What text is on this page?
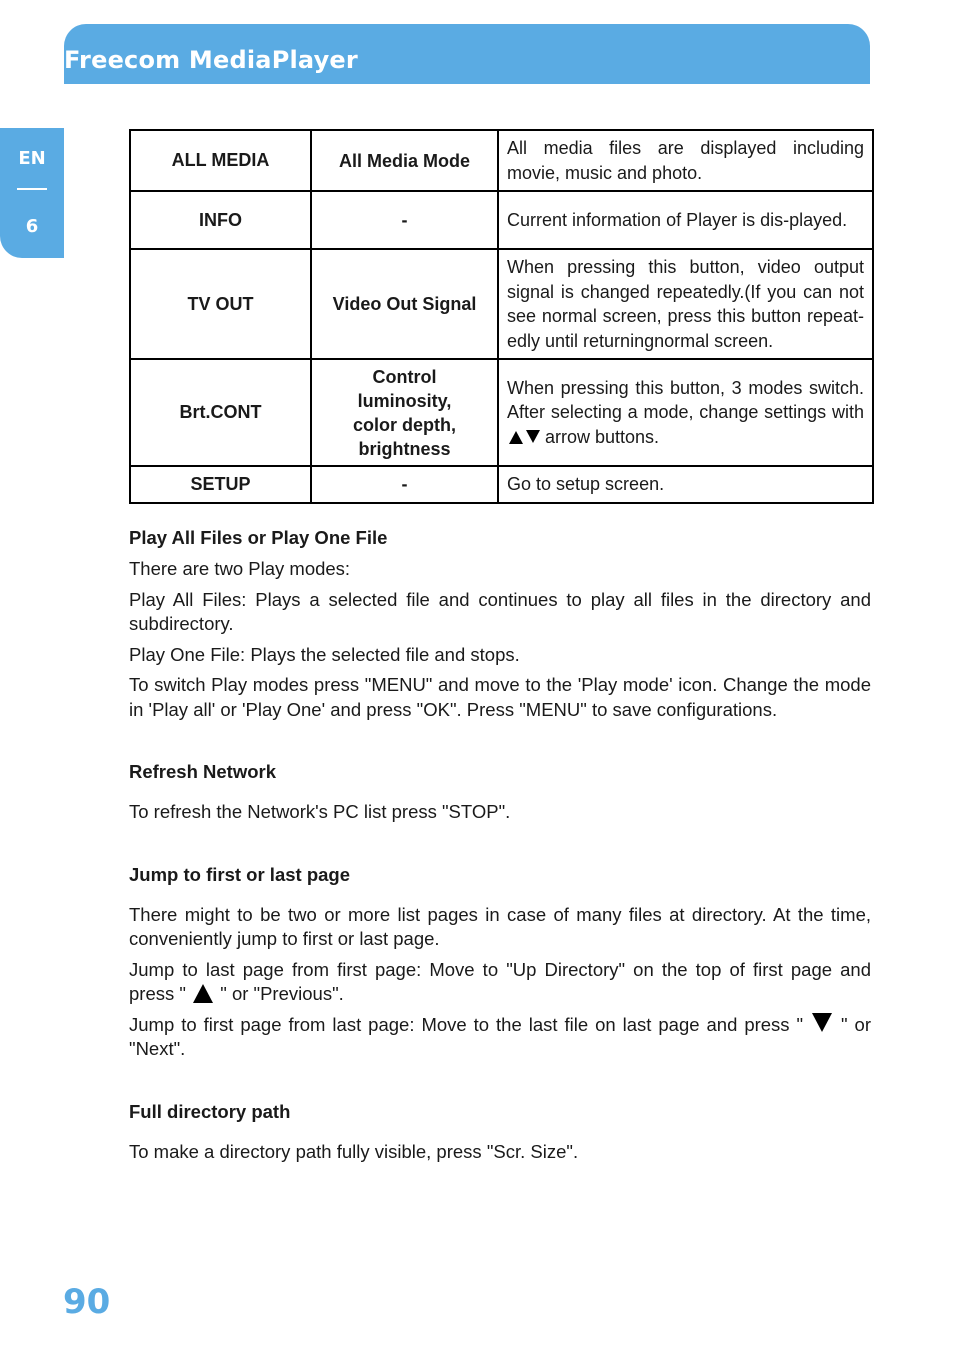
Freecom MediaPlayer
EN
6
ALL MEDIA	All Media Mode	All media files are displayed including movie, music and photo.
INFO	-	Current information of Player is dis-played.
TV OUT	Video Out Signal	When pressing this button, video output signal is changed repeatedly.(If you can not see normal screen, press this button repeat-edly until returningnormal screen.
Brt.CONT	Control
luminosity,
color depth,
brightness	When pressing this button, 3 modes switch. After selecting a mode, change settings with  arrow buttons.
SETUP	-	Go to setup screen.
Play All Files or Play One File

There are two Play modes:

Play All Files: Plays a selected file and continues to play all files in the directory and subdirectory.

Play One File: Plays the selected file and stops.

To switch Play modes press "MENU" and move to the 'Play mode' icon. Change the mode in 'Play all' or 'Play One' and press "OK". Press "MENU" to save configurations.

Refresh Network

To refresh the Network's PC list press "STOP".

Jump to first or last page

There might to be two or more list pages in case of many files at directory. At the time, conveniently jump to first or last page.

Jump to last page from first page: Move to "Up Directory" on the top of first page and press "  " or "Previous".

Jump to first page from last page: Move to the last file on last page and press "  " or "Next".

Full directory path

To make a directory path fully visible, press "Scr. Size".

90
